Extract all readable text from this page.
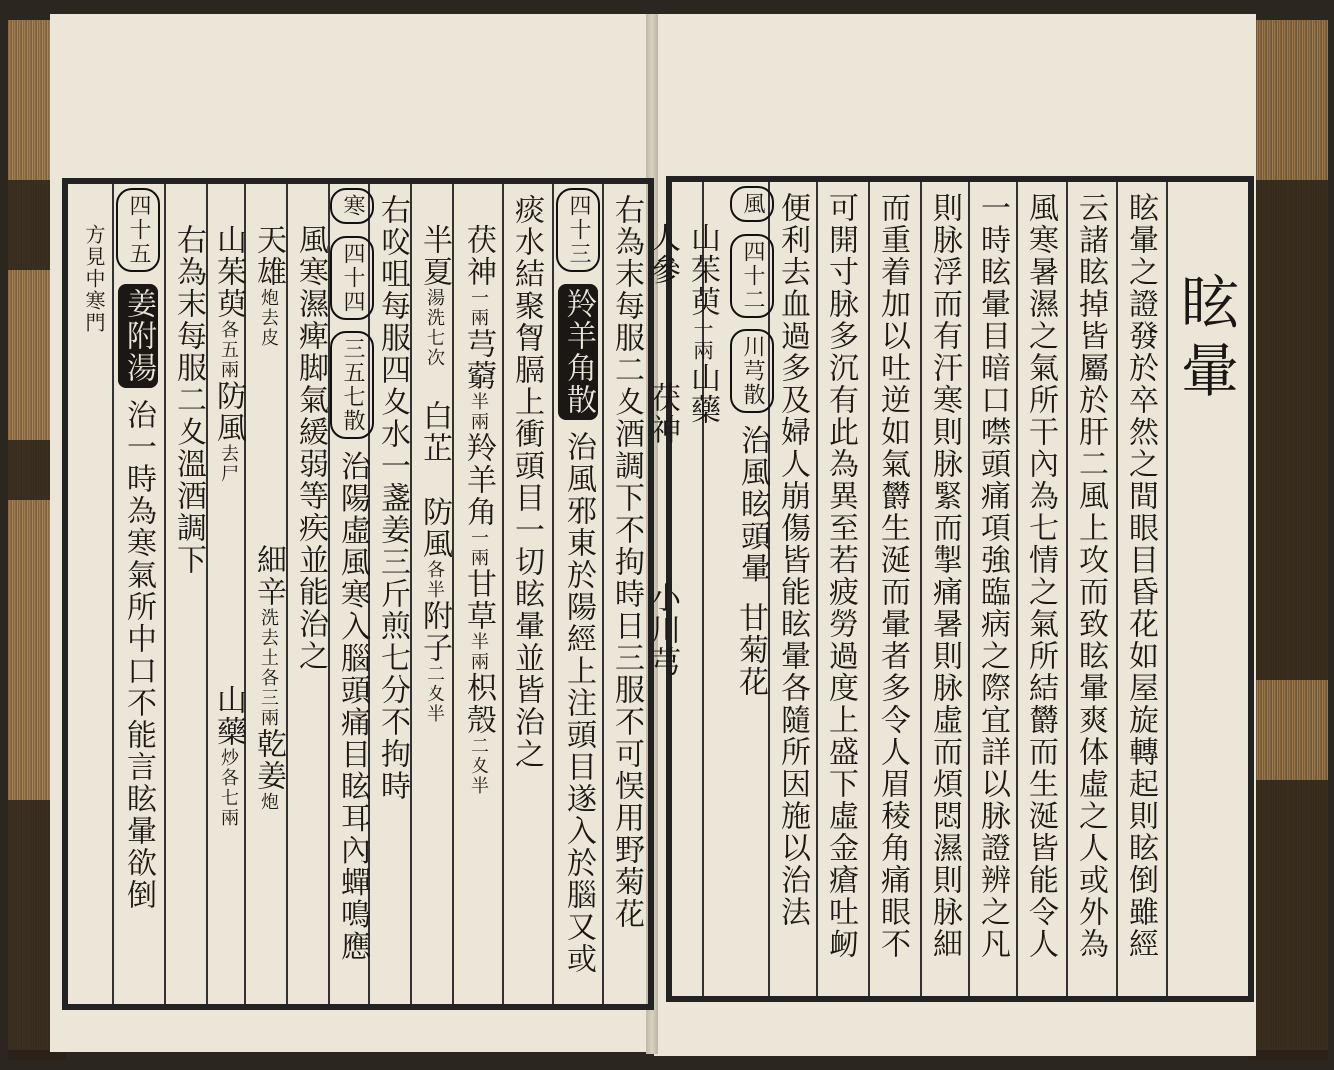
眩暈之證發於卒然之間眼目昏花如屋旋轉起則眩倒雖經
云諸眩掉皆屬於肝二風上攻而致眩暈爽体虛之人或外為
風寒暑濕之氣所干內為七情之氣所結欝而生涎皆能令人
一時眩暈目暗口噤頭痛項強臨病之際宜詳以脉證辨之凡
則脉浮而有汗寒則脉緊而掣痛暑則脉虛而煩悶濕則脉細
而重着加以吐逆如氣欝生涎而暈者多令人眉稜角痛眼不
可開寸脉多沉有此為異至若疲勞過度上盛下虛金瘡吐衂
便利去血過多及婦人崩傷皆能眩暈各隨所因施以治法	眩暈
風 四十二 川芎散 治風眩頭暈
甘菊花
山茱萸一兩山藥
人參　　　茯神
小川芎
右為末每服二夊酒調下不拘時日三服不可悮用野菊花
四十三 羚羊角散 治風邪東於陽經上注頭目遂入於腦又或
痰水結聚胷膈上衝頭目一切眩暈並皆治之
茯神一兩芎藭半兩羚羊角一兩甘草半兩枳殼二夊半
半夏湯洗七次　白芷　防風各半附子二夊半
右㕮咀每服四夊水一盞姜三斤煎七分不拘時
寒 四十四 三五七散 治陽虛風寒入腦頭痛目眩耳內蟬鳴應
風寒濕痺脚氣緩弱等疾並能治之
天雄炮去皮
細辛洗去土各三兩乾姜炮
山茱萸各五兩防風去尸
山藥炒各七兩
右為末每服二夊溫酒調下
四十五 姜附湯 治一時為寒氣所中口不能言眩暈欲倒
方見中寒門
